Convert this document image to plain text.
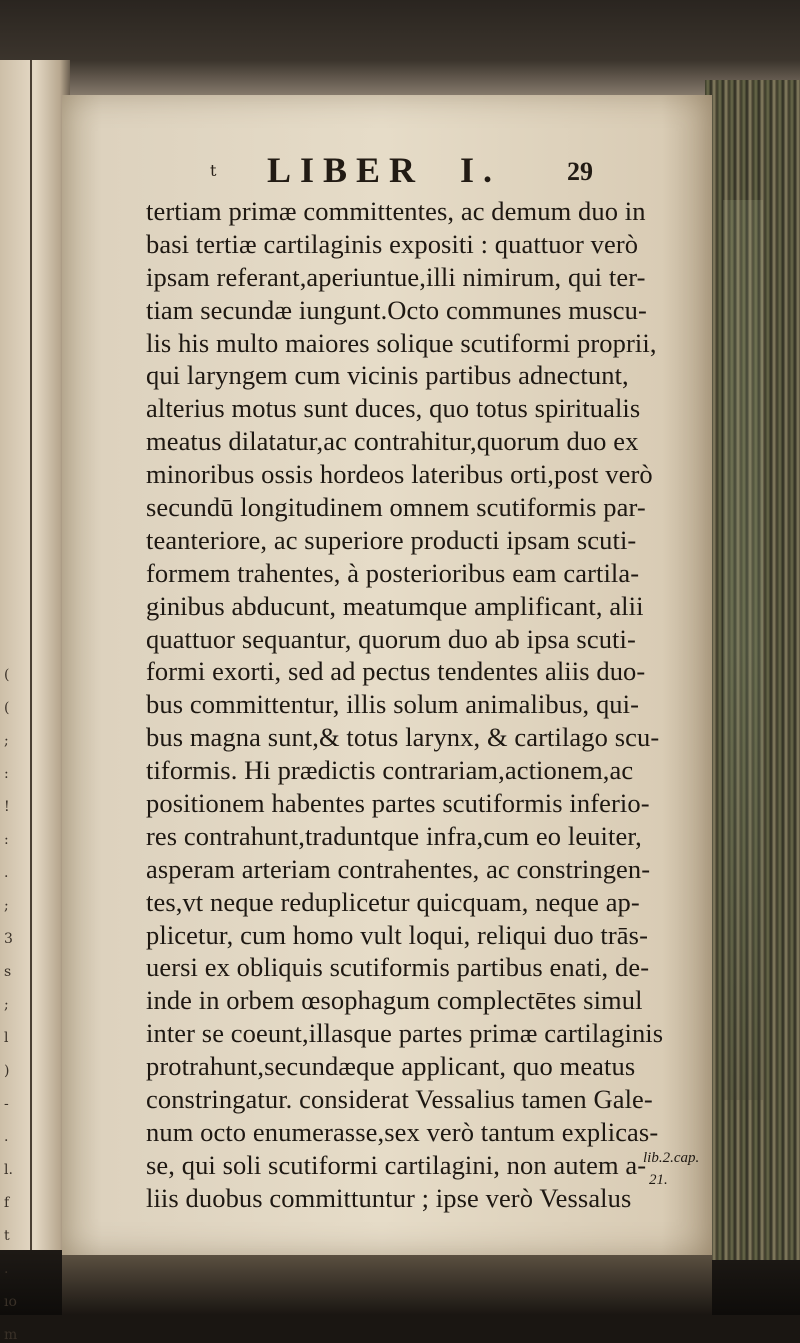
(
(
;
:
!
:
.
;
3
s
;
l
)
-
.
l.
f
t
.
ıo
m
t LIBER I.	29
tertiam primæ committentes, ac demum duo in
basi tertiæ cartilaginis expositi : quattuor verò
ipsam referant,aperiuntue,illi nimirum, qui ter-
tiam secundæ iungunt.Octo communes muscu-
lis his multo maiores solique scutiformi proprii,
qui laryngem cum vicinis partibus adnectunt,
alterius motus sunt duces, quo totus spiritualis
meatus dilatatur,ac contrahitur,quorum duo ex
minoribus ossis hordeos lateribus orti,post verò
secundū longitudinem omnem scutiformis par-
teanteriore, ac superiore producti ipsam scuti-
formem trahentes, à posterioribus eam cartila-
ginibus abducunt, meatumque amplificant, alii
quattuor sequantur, quorum duo ab ipsa scuti-
formi exorti, sed ad pectus tendentes aliis duo-
bus committentur, illis solum animalibus, qui-
bus magna sunt,& totus larynx, & cartilago scu-
tiformis. Hi prædictis contrariam,actionem,ac
positionem habentes partes scutiformis inferio-
res contrahunt,traduntque infra,cum eo leuiter,
asperam arteriam contrahentes, ac constringen-
tes,vt neque reduplicetur quicquam, neque ap-
plicetur, cum homo vult loqui, reliqui duo trās-
uersi ex obliquis scutiformis partibus enati, de-
inde in orbem œsophagum complectētes simul
inter se coeunt,illasque partes primæ cartilaginis
protrahunt,secundæque applicant, quo meatus
constringatur. considerat Vessalius tamen Gale-
num octo enumerasse,sex verò tantum explicas-
se, qui soli scutiformi cartilagini, non autem a-
liis duobus committuntur ; ipse verò Vessalus
lib.2.cap.
21.
